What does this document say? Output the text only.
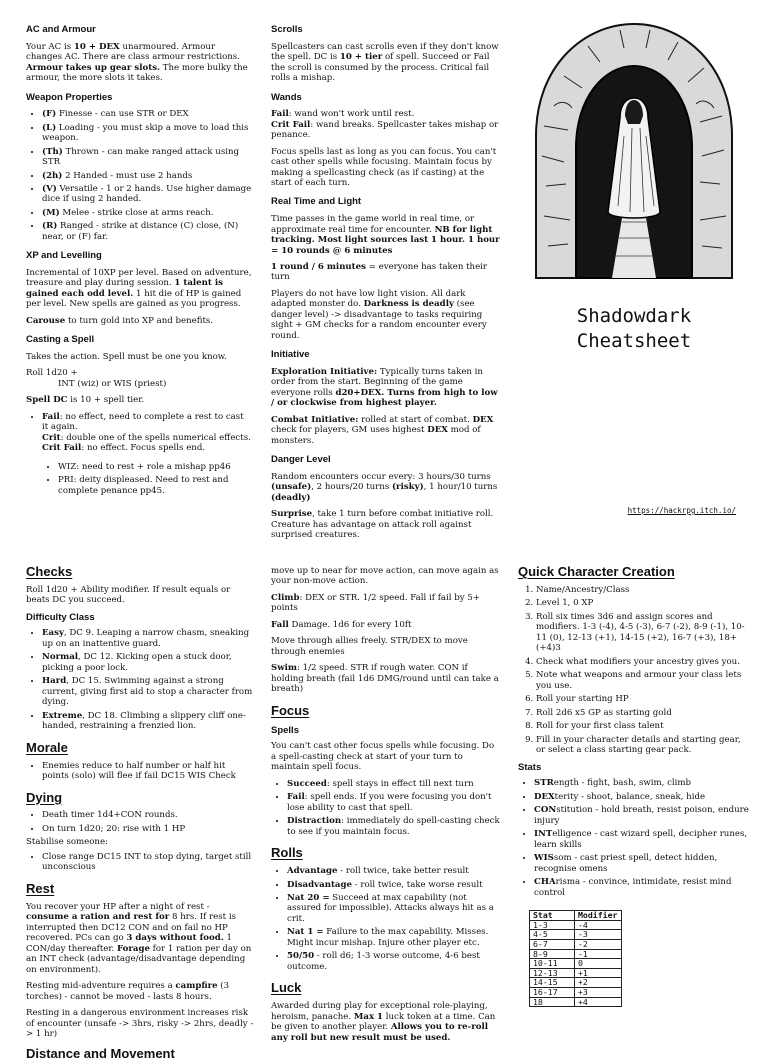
AC and Armour

Your AC is 10 + DEX unarmoured. Armour changes AC. There are class armour restrictions. Armour takes up gear slots. The more bulky the armour, the more slots it takes.

Weapon Properties
• (F) Finesse - can use STR or DEX
• (L) Loading - you must skip a move to load this weapon.
• (Th) Thrown - can make ranged attack using STR
• (2h) 2 Handed - must use 2 hands
• (V) Versatile - 1 or 2 hands. Use higher damage dice if using 2 handed.
• (M) Melee - strike close at arms reach.
• (R) Ranged - strike at distance (C) close, (N) near, or (F) far.
XP and Levelling

Incremental of 10XP per level. Based on adventure, treasure and play during session. 1 talent is gained each odd level. 1 hit die of HP is gained per level. New spells are gained as you progress.

Carouse to turn gold into XP and benefits.

Casting a Spell

Takes the action. Spell must be one you know.

Roll 1d20 +
INT (wiz) or WIS (priest)

Spell DC is 10 + spell tier.

• Fail: no effect, need to complete a rest to cast it again.
Crit: double one of the spells numerical effects.
Crit Fail: no effect. Focus spells end.
• WIZ: need to rest + role a mishap pp46
• PRI: deity displeased. Need to rest and complete penance pp45.
Scrolls

Spellcasters can cast scrolls even if they don't know the spell. DC is 10 + tier of spell. Succeed or Fail the scroll is consumed by the process. Critical fail rolls a mishap.

Wands

Fail: wand won't work until rest.
Crit Fail: wand breaks. Spellcaster takes mishap or penance.

Focus spells last as long as you can focus. You can't cast other spells while focusing. Maintain focus by making a spellcasting check (as if casting) at the start of each turn.

Real Time and Light

Time passes in the game world in real time, or approximate real time for encounter. NB for light tracking. Most light sources last 1 hour. 1 hour = 10 rounds @ 6 minutes

1 round / 6 minutes = everyone has taken their turn

Players do not have low light vision. All dark adapted monster do. Darkness is deadly (see danger level) -> disadvantage to tasks requiring sight + GM checks for a random encounter every round.

Initiative

Exploration Initiative: Typically turns taken in order from the start. Beginning of the game everyone rolls d20+DEX. Turns from high to low / or clockwise from highest player.

Combat Initiative: rolled at start of combat. DEX check for players, GM uses highest DEX mod of monsters.

Danger Level

Random encounters occur every: 3 hours/30 turns (unsafe), 2 hours/20 turns (risky), 1 hour/10 turns (deadly)

Surprise, take 1 turn before combat initiative roll. Creature has advantage on attack roll against surprised creatures.

Shadowdark
Cheatsheet
https://hackrpg.itch.io/
Checks

Roll 1d20 + Ability modifier. If result equals or beats DC you succeed.

Difficulty Class
• Easy, DC 9. Leaping a narrow chasm, sneaking up on an inattentive guard.
• Normal, DC 12. Kicking open a stuck door, picking a poor lock.
• Hard, DC 15. Swimming against a strong current, giving first aid to stop a character from dying.
• Extreme, DC 18. Climbing a slippery cliff one-handed, restraining a frenzied lion.
Morale
• Enemies reduce to half number or half hit points (solo) will flee if fail DC15 WIS Check
Dying
• Death timer 1d4+CON rounds.
• On turn 1d20; 20: rise with 1 HP

Stabilise someone:

• Close range DC15 INT to stop dying, target still unconscious
Rest

You recover your HP after a night of rest - consume a ration and rest for 8 hrs. If rest is interrupted then DC12 CON and on fail no HP recovered. PCs can go 3 days without food. 1 CON/day thereafter. Forage for 1 ration per day on an INT check (advantage/disadvantage depending on environment).

Resting mid-adventure requires a campfire (3 torches) - cannot be moved - lasts 8 hours.

Resting in a dangerous environment increases risk of encounter (unsafe -> 3hrs, risky -> 2hrs, deadly -> 1 hr)

Distance and Movement

move up to near for move action, can move again as your non-move action.

Climb: DEX or STR. 1/2 speed. Fall if fail by 5+ points

Fall Damage. 1d6 for every 10ft

Move through allies freely. STR/DEX to move through enemies

Swim: 1/2 speed. STR if rough water. CON if holding breath (fail 1d6 DMG/round until can take a breath)

Focus
Spells

You can't cast other focus spells while focusing. Do a spell-casting check at start of your turn to maintain spell focus.

• Succeed: spell stays in effect till next turn
• Fail: spell ends. If you were focusing you don't lose ability to cast that spell.
• Distraction: immediately do spell-casting check to see if you maintain focus.
Rolls
• Advantage - roll twice, take better result
• Disadvantage - roll twice, take worse result
• Nat 20 = Succeed at max capability (not assured for impossible). Attacks always hit as a crit.
• Nat 1 = Failure to the max capability. Misses. Might incur mishap. Injure other player etc.
• 50/50 - roll d6; 1-3 worse outcome, 4-6 best outcome.
Luck

Awarded during play for exceptional role-playing, heroism, panache. Max 1 luck token at a time. Can be given to another player. Allows you to re-roll any roll but new result must be used.

Quick Character Creation
1. Name/Ancestry/Class
2. Level 1, 0 XP
3. Roll six times 3d6 and assign scores and modifiers. 1-3 (-4), 4-5 (-3), 6-7 (-2), 8-9 (-1), 10-11 (0), 12-13 (+1), 14-15 (+2), 16-7 (+3), 18+ (+4)3
4. Check what modifiers your ancestry gives you.
5. Note what weapons and armour your class lets you use.
6. Roll your starting HP
7. Roll 2d6 x5 GP as starting gold
8. Roll for your first class talent
9. Fill in your character details and starting gear, or select a class starting gear pack.
Stats
• STRength - fight, bash, swim, climb
• DEXterity - shoot, balance, sneak, hide
• CONstitution - hold breath, resist poison, endure injury
• INTelligence - cast wizard spell, decipher runes, learn skills
• WISsom - cast priest spell, detect hidden, recognise omens
• CHArisma - convince, intimidate, resist mind control
Stat	Modifier
1-3	-4
4-5	-3
6-7	-2
8-9	-1
10-11	0
12-13	+1
14-15	+2
16-17	+3
18	+4
